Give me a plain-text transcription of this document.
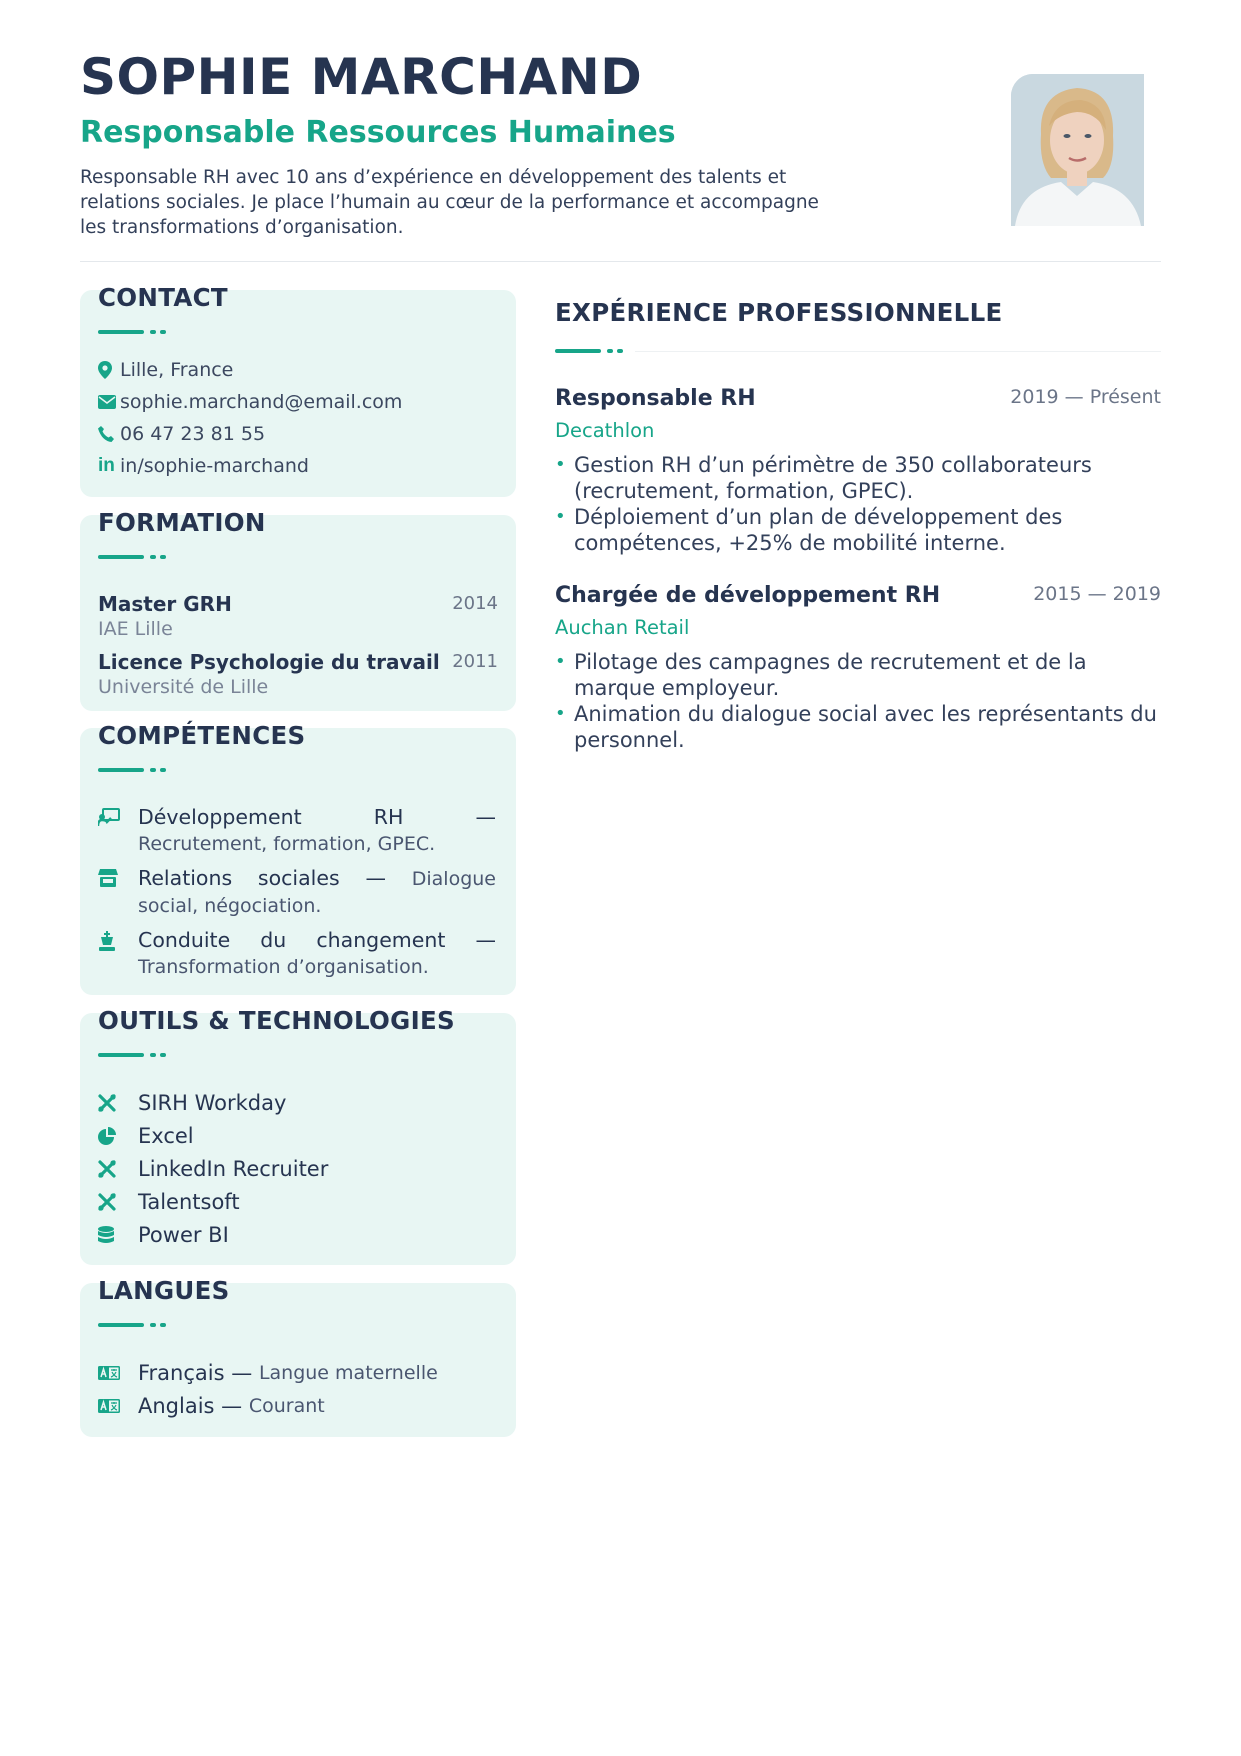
SOPHIE MARCHAND
Responsable Ressources Humaines

Responsable RH avec 10 ans d’expérience en développement des talents et relations sociales. Je place l’humain au cœur de la performance et accompagne les transformations d’organisation.

CONTACT
Lille, France
sophie.marchand@email.com
06 47 23 81 55
in in/sophie-marchand
FORMATION
Master GRH	2014
IAE Lille
Licence Psychologie du travail 2011
Université de Lille
COMPÉTENCES
Développement RH — Recrutement, formation, GPEC.
Relations sociales — Dialogue social, négociation.
Conduite du changement — Transformation d’organisation.
OUTILS & TECHNOLOGIES
SIRH Workday
Excel
LinkedIn Recruiter
Talentsoft
Power BI
LANGUES
Français
—
Langue maternelle
Anglais
—
Courant
EXPÉRIENCE PROFESSIONNELLE
Responsable RH	2019 — Présent
Decathlon
• Gestion RH d’un périmètre de 350 collaborateurs (recrutement, formation, GPEC).
• Déploiement d’un plan de développement des compétences, +25% de mobilité interne.
Chargée de développement RH	2015 — 2019
Auchan Retail
• Pilotage des campagnes de recrutement et de la marque employeur.
• Animation du dialogue social avec les représentants du personnel.
